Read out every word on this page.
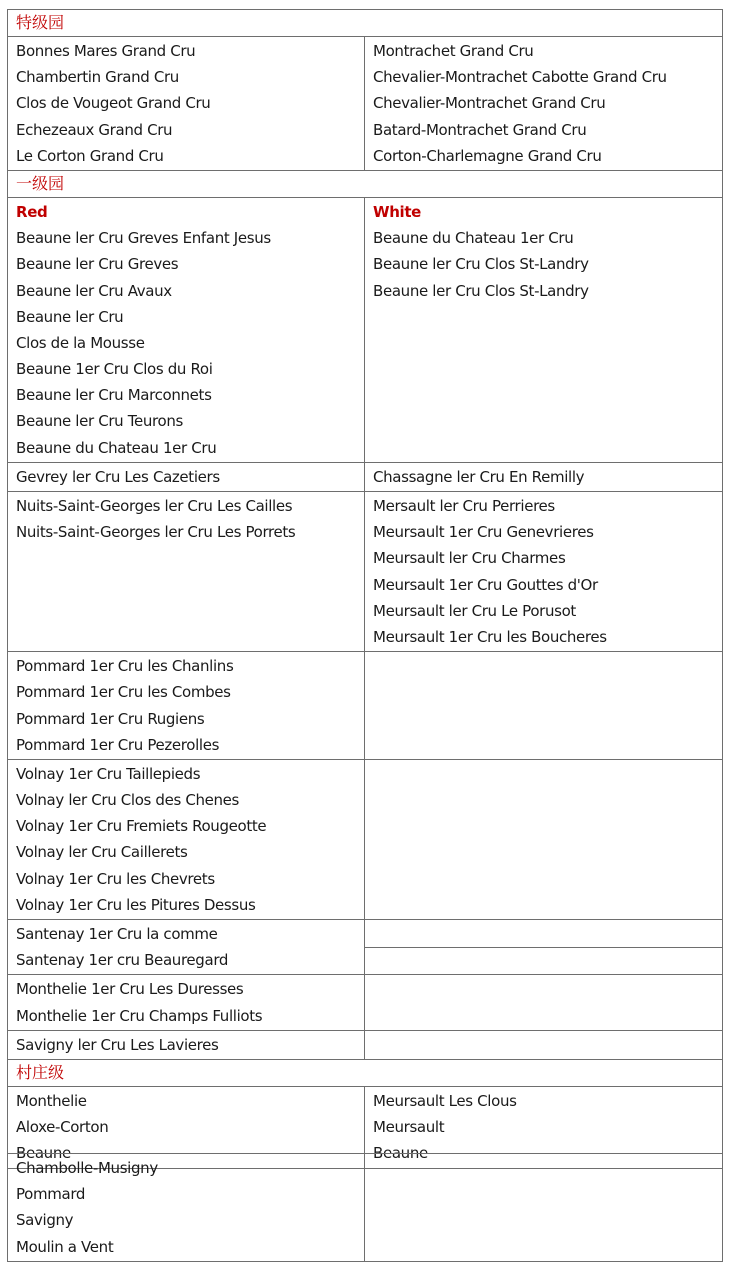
特级园
Bonnes Mares Grand Cru
Chambertin Grand Cru
Clos de Vougeot Grand Cru
Echezeaux Grand Cru
Le Corton Grand Cru
Montrachet Grand Cru
Chevalier-Montrachet Cabotte Grand Cru
Chevalier-Montrachet Grand Cru
Batard-Montrachet Grand Cru
Corton-Charlemagne Grand Cru
一级园
Red
Beaune ler Cru Greves Enfant Jesus
Beaune ler Cru Greves
Beaune ler Cru Avaux
Beaune ler Cru
Clos de la Mousse
Beaune 1er Cru Clos du Roi
Beaune ler Cru Marconnets
Beaune ler Cru Teurons
Beaune du Chateau 1er Cru
White
Beaune du Chateau 1er Cru
Beaune ler Cru Clos St-Landry
Beaune ler Cru Clos St-Landry
Gevrey ler Cru Les Cazetiers	Chassagne ler Cru En Remilly
Nuits-Saint-Georges ler Cru Les Cailles
Nuits-Saint-Georges ler Cru Les Porrets
Mersault ler Cru Perrieres
Meursault 1er Cru Genevrieres
Meursault ler Cru Charmes
Meursault 1er Cru Gouttes d'Or
Meursault ler Cru Le Porusot
Meursault 1er Cru les Boucheres
Pommard 1er Cru les Chanlins
Pommard 1er Cru les Combes
Pommard 1er Cru Rugiens
Pommard 1er Cru Pezerolles
Volnay 1er Cru Taillepieds
Volnay ler Cru Clos des Chenes
Volnay 1er Cru Fremiets Rougeotte
Volnay ler Cru Caillerets
Volnay 1er Cru les Chevrets
Volnay 1er Cru les Pitures Dessus
Santenay 1er Cru la comme
Santenay 1er cru Beauregard
Monthelie 1er Cru Les Duresses
Monthelie 1er Cru Champs Fulliots
Savigny ler Cru Les Lavieres
村庄级
Monthelie
Aloxe-Corton
Beaune
Meursault Les Clous
Meursault
Beaune
Chambolle-Musigny
Pommard
Savigny
Moulin a Vent
